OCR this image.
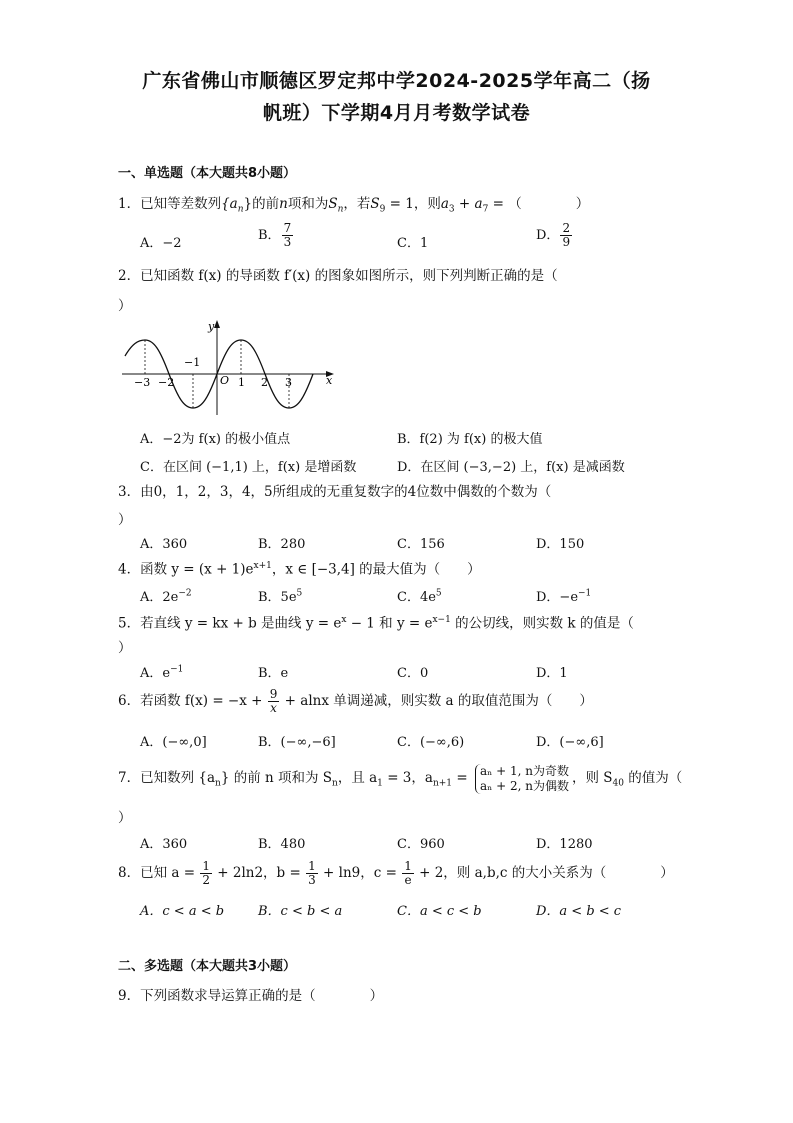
广东省佛山市顺德区罗定邦中学2024-2025学年高二（扬
帆班）下学期4月月考数学试卷
一、单选题（本大题共8小题）
1．已知等差数列$\{a_n\}$的前n项和为$S_n$，若$S_9 = 1$，则$a_3 + a_7$ = （　　　　）
A．−2
B． $\frac{7}{3}$	C．1
D． $\frac{2}{9}$
2．已知函数 f(x) 的导函数 f′(x) 的图象如图所示，则下列判断正确的是（
）
y
x
O
−3 −2
−1
1 2 3
A．−2为 f(x) 的极小值点	B．f(2) 为 f(x) 的极大值
C．在区间 (−1,1) 上，f(x) 是增函数	D．在区间 (−3,−2) 上，f(x) 是减函数
3．由0，1，2，3，4，5所组成的无重复数字的4位数中偶数的个数为（
）
A．360	B．280	C．156	D．150
4．函数 $y = (x + 1)e^{x+1}$，x ∈ [−3,4] 的最大值为（　　）
A．$2e^{-2}$	B．$5e^5$	C．$4e^5$	D．$-e^{-1}$
5．若直线 y = kx + b 是曲线 $y = e^x - 1$ 和 $y = e^{x-1}$ 的公切线，则实数 k 的值是（
）
A．$e^{-1}$	B．e	C．0	D．1
6．若函数 $f(x) = -x + \frac{9}{x} + alnx$ 单调递减，则实数 a 的取值范围为（　　）
A．(−∞,0]	B．(−∞,−6]	C．(−∞,6)	D．(−∞,6]
7．已知数列 $\{a_n\}$ 的前 n 项和为 $S_n$，且 $a_1 = 3$，$a_{n+1} = a_n + 1$, n为奇数
aₙ + 2, n为偶数 ，则 $S_{40}$ 的值为（
）
A．360	B．480	C．960	D．1280
8．已知 $a = \frac{1}{2} + 2\ln 2$，$b = \frac{1}{3} + \ln 9$，$c = \frac{1}{e} + 2$，则 a,b,c 的大小关系为（　　　　）
A．c < a < b	B．c < b < a	C．a < c < b	D．a < b < c
二、多选题（本大题共3小题）
9．下列函数求导运算正确的是（　　　　）
